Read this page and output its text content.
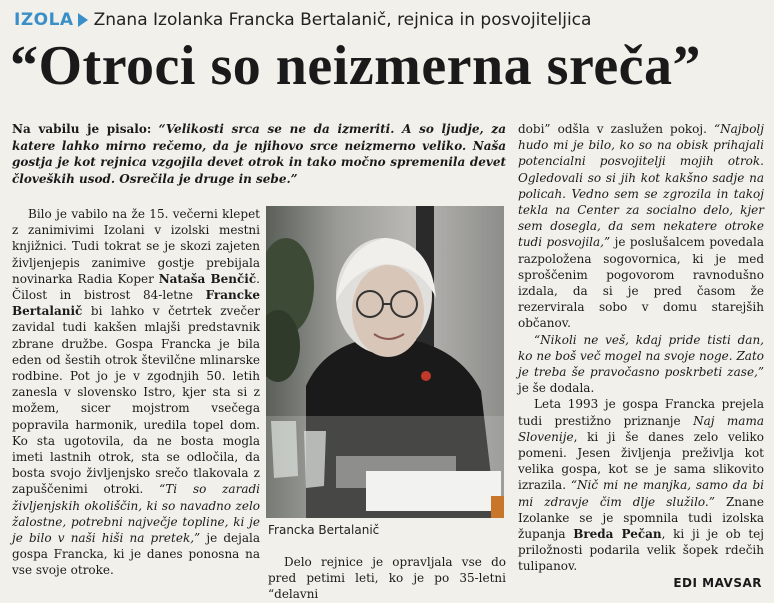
IZOLA Znana Izolanka Francka Bertalanič, rejnica in posvojiteljica
“Otroci so neizmerna sreča”
Na vabilu je pisalo: “Velikosti srca se ne da izmeriti. A so ljudje, za katere lahko mirno rečemo, da je njihovo srce neizmerno veliko. Naša gostja je kot rejnica vzgojila devet otrok in tako močno spremenila devet človeških usod. Osrečila je druge in sebe.”

Bilo je vabilo na že 15. večerni klepet z zanimivimi Izolani v izolski mestni knjižnici. Tudi tokrat se je skozi zajeten življenjepis zanimive gostje prebijala novinarka Radia Koper Nataša Benčič. Čilost in bistrost 84-letne Francke Bertalanič bi lahko v četrtek zvečer zavidal tudi kakšen mlajši predstavnik zbrane družbe. Gospa Francka je bila eden od šestih otrok številčne mlinarske rodbine. Pot jo je v zgodnjih 50. letih zanesla v slovensko Istro, kjer sta si z možem, sicer mojstrom vsečega popravila harmonik, uredila topel dom. Ko sta ugotovila, da ne bosta mogla imeti lastnih otrok, sta se odločila, da bosta svojo življenjsko srečo tlakovala z zapuščenimi otroki. “Ti so zaradi življenjskih okoliščin, ki so navadno zelo žalostne, potrebni največje topline, ki je je bilo v naši hiši na pretek,” je dejala gospa Francka, ki je danes ponosna na vse svoje otroke.

Francka Bertalanič

Delo rejnice je opravljala vse do pred petimi leti, ko je po 35-letni “delavni

dobi” odšla v zaslužen pokoj. “Najbolj hudo mi je bilo, ko so na obisk prihajali potencialni posvojitelji mojih otrok. Ogledovali so si jih kot kakšno sadje na policah. Vedno sem se zgrozila in takoj tekla na Center za socialno delo, kjer sem dosegla, da sem nekatere otroke tudi posvojila,” je poslušalcem povedala razpoložena sogovornica, ki je med sproščenim pogovorom ravnodušno izdala, da si je pred časom že rezervirala sobo v domu starejših občanov.

“Nikoli ne veš, kdaj pride tisti dan, ko ne boš več mogel na svoje noge. Zato je treba še pravočasno poskrbeti zase,” je še dodala.

Leta 1993 je gospa Francka prejela tudi prestižno priznanje Naj mama Slovenije, ki ji še danes zelo veliko pomeni. Jesen življenja preživlja kot velika gospa, kot se je sama slikovito izrazila. “Nič mi ne manjka, samo da bi mi zdravje čim dlje služilo.” Znane Izolanke se je spomnila tudi izolska županja Breda Pečan, ki ji je ob tej priložnosti podarila velik šopek rdečih tulipanov.

EDI MAVSAR
